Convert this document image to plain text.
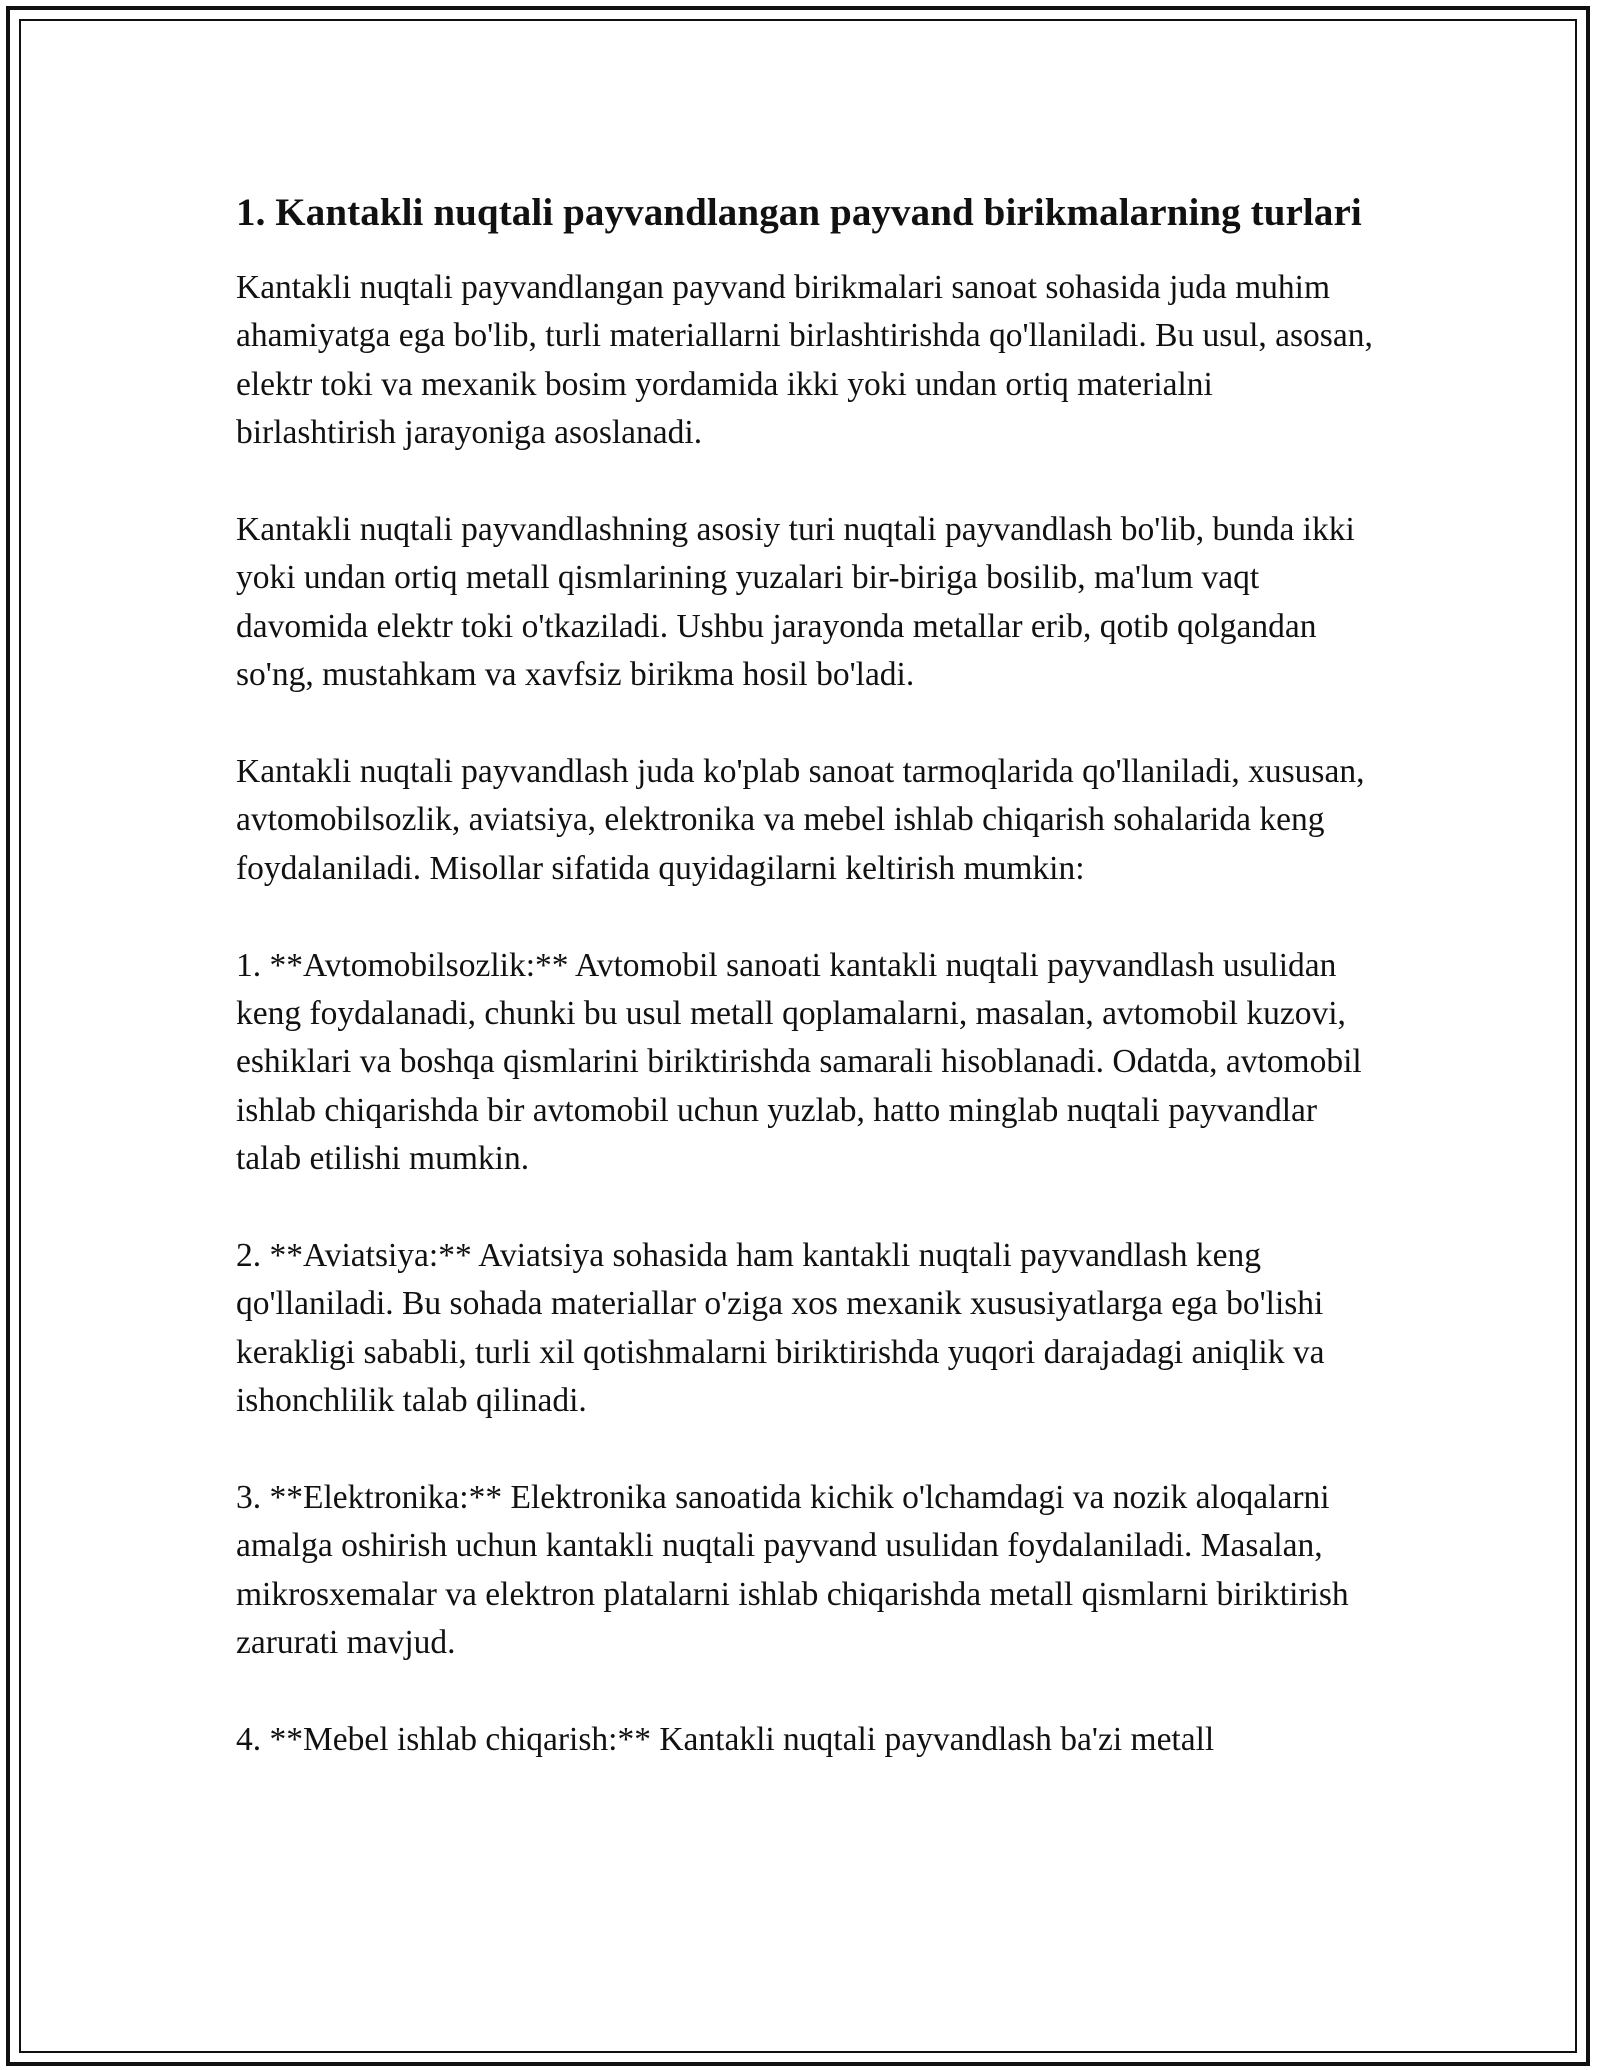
1. Kantakli nuqtali payvandlangan payvand birikmalarning turlari

Kantakli nuqtali payvandlangan payvand birikmalari sanoat sohasida juda muhim ahamiyatga ega bo'lib, turli materiallarni birlashtirishda qo'llaniladi. Bu usul, asosan, elektr toki va mexanik bosim yordamida ikki yoki undan ortiq materialni birlashtirish jarayoniga asoslanadi.

Kantakli nuqtali payvandlashning asosiy turi nuqtali payvandlash bo'lib, bunda ikki yoki undan ortiq metall qismlarining yuzalari bir-biriga bosilib, ma'lum vaqt davomida elektr toki o'tkaziladi. Ushbu jarayonda metallar erib, qotib qolgandan so'ng, mustahkam va xavfsiz birikma hosil bo'ladi.

Kantakli nuqtali payvandlash juda ko'plab sanoat tarmoqlarida qo'llaniladi, xususan, avtomobilsozlik, aviatsiya, elektronika va mebel ishlab chiqarish sohalarida keng foydalaniladi. Misollar sifatida quyidagilarni keltirish mumkin:

1. **Avtomobilsozlik:** Avtomobil sanoati kantakli nuqtali payvandlash usulidan keng foydalanadi, chunki bu usul metall qoplamalarni, masalan, avtomobil kuzovi, eshiklari va boshqa qismlarini biriktirishda samarali hisoblanadi. Odatda, avtomobil ishlab chiqarishda bir avtomobil uchun yuzlab, hatto minglab nuqtali payvandlar talab etilishi mumkin.

2. **Aviatsiya:** Aviatsiya sohasida ham kantakli nuqtali payvandlash keng qo'llaniladi. Bu sohada materiallar o'ziga xos mexanik xususiyatlarga ega bo'lishi kerakligi sababli, turli xil qotishmalarni biriktirishda yuqori darajadagi aniqlik va ishonchlilik talab qilinadi.

3. **Elektronika:** Elektronika sanoatida kichik o'lchamdagi va nozik aloqalarni amalga oshirish uchun kantakli nuqtali payvand usulidan foydalaniladi. Masalan, mikrosxemalar va elektron platalarni ishlab chiqarishda metall qismlarni biriktirish zarurati mavjud.

4. **Mebel ishlab chiqarish:** Kantakli nuqtali payvandlash ba'zi metall
